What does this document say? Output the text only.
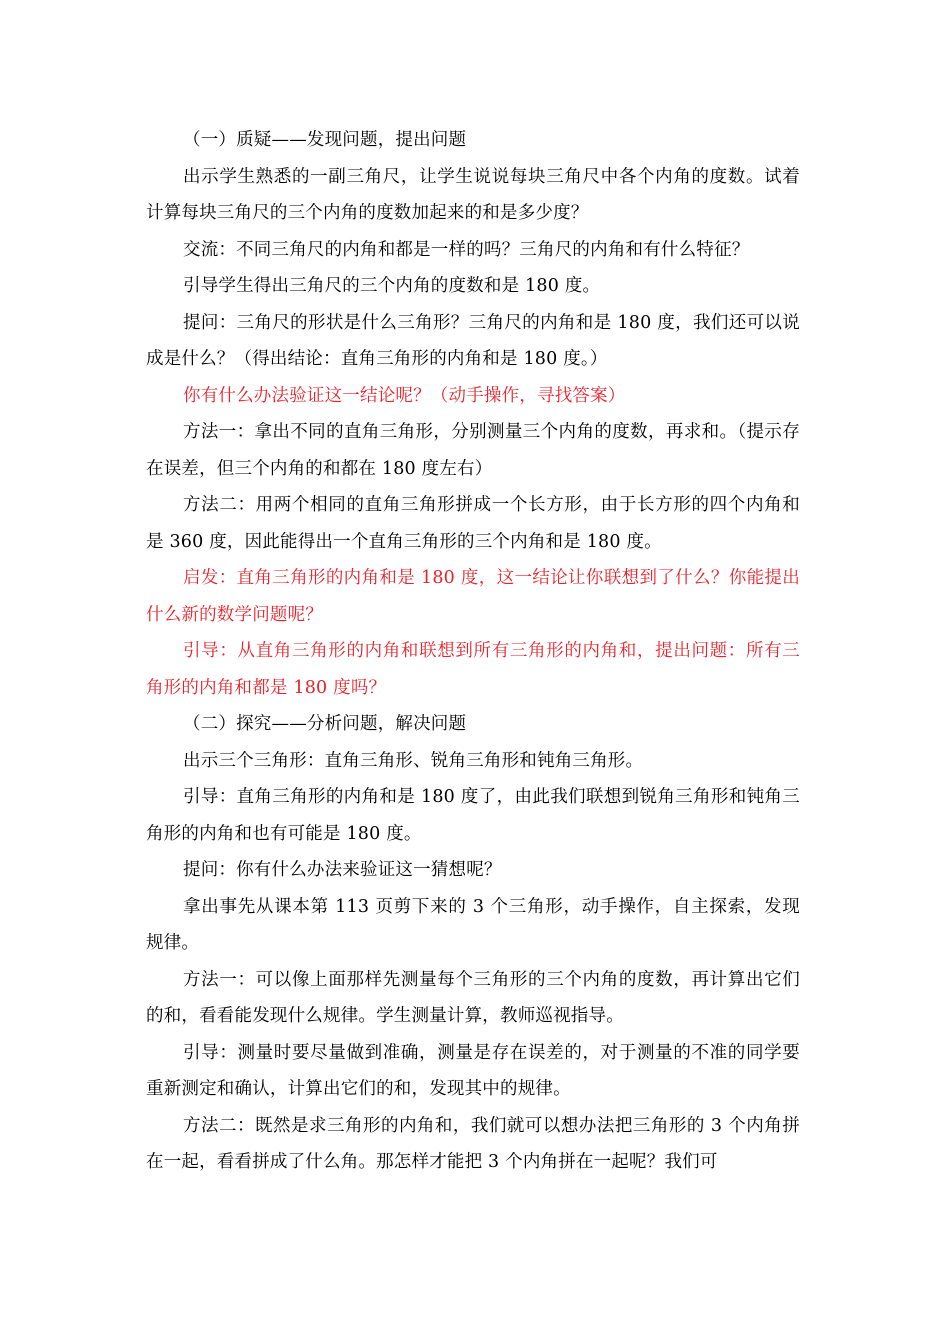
（一）质疑——发现问题，提出问题

出示学生熟悉的一副三角尺，让学生说说每块三角尺中各个内角的度数。试着计算每块三角尺的三个内角的度数加起来的和是多少度？

交流：不同三角尺的内角和都是一样的吗？三角尺的内角和有什么特征？

引导学生得出三角尺的三个内角的度数和是 180 度。

提问：三角尺的形状是什么三角形？三角尺的内角和是 180 度，我们还可以说成是什么？（得出结论：直角三角形的内角和是 180 度。）

你有什么办法验证这一结论呢？（动手操作，寻找答案）

方法一：拿出不同的直角三角形，分别测量三个内角的度数，再求和。（提示存在误差，但三个内角的和都在 180 度左右）

方法二：用两个相同的直角三角形拼成一个长方形，由于长方形的四个内角和是 360 度，因此能得出一个直角三角形的三个内角和是 180 度。

启发：直角三角形的内角和是 180 度，这一结论让你联想到了什么？你能提出什么新的数学问题呢？

引导：从直角三角形的内角和联想到所有三角形的内角和，提出问题：所有三角形的内角和都是 180 度吗？

（二）探究——分析问题，解决问题

出示三个三角形：直角三角形、锐角三角形和钝角三角形。

引导：直角三角形的内角和是 180 度了，由此我们联想到锐角三角形和钝角三角形的内角和也有可能是 180 度。

提问：你有什么办法来验证这一猜想呢？

拿出事先从课本第 113 页剪下来的 3 个三角形，动手操作，自主探索，发现规律。

方法一：可以像上面那样先测量每个三角形的三个内角的度数，再计算出它们的和，看看能发现什么规律。学生测量计算，教师巡视指导。

引导：测量时要尽量做到准确，测量是存在误差的，对于测量的不准的同学要重新测定和确认，计算出它们的和，发现其中的规律。

方法二：既然是求三角形的内角和，我们就可以想办法把三角形的 3 个内角拼在一起，看看拼成了什么角。那怎样才能把 3 个内角拼在一起呢？我们可
